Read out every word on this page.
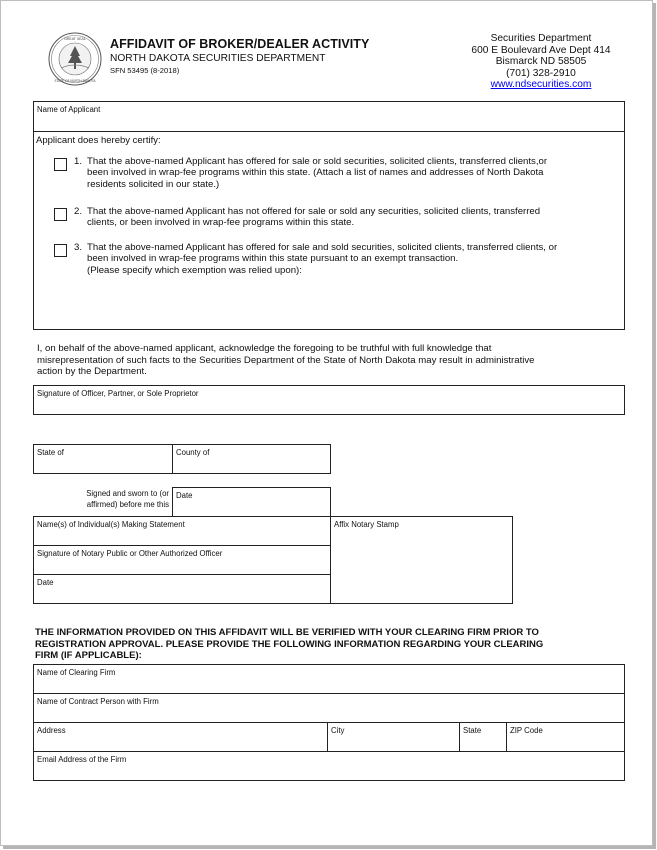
GREAT SEAL
STATE OF NORTH DAKOTA
AFFIDAVIT OF BROKER/DEALER ACTIVITY
NORTH DAKOTA SECURITIES DEPARTMENT
SFN 53495 (8-2018)
Securities Department
600 E Boulevard Ave Dept 414
Bismarck ND 58505
(701) 328-2910
www.ndsecurities.com
Name of Applicant
Applicant does hereby certify:
1. That the above-named Applicant has offered for sale or sold securities, solicited clients, transferred clients,or
been involved in wrap-fee programs within this state. (Attach a list of names and addresses of North Dakota
residents solicited in our state.)
2. That the above-named Applicant has not offered for sale or sold any securities, solicited clients, transferred
clients, or been involved in wrap-fee programs within this state.
3. That the above-named Applicant has offered for sale and sold securities, solicited clients, transferred clients, or
been involved in wrap-fee programs within this state pursuant to an exempt transaction.
(Please specify which exemption was relied upon):
I, on behalf of the above-named applicant, acknowledge the foregoing to be truthful with full knowledge that
misrepresentation of such facts to the Securities Department of the State of North Dakota may result in administrative
action by the Department.
Signature of Officer, Partner, or Sole Proprietor
State of	County of
Signed and sworn to (or
affirmed) before me this
Date
Name(s) of Individual(s) Making Statement
Signature of Notary Public or Other Authorized Officer
Date
Affix Notary Stamp
THE INFORMATION PROVIDED ON THIS AFFIDAVIT WILL BE VERIFIED WITH YOUR CLEARING FIRM PRIOR TO
REGISTRATION APPROVAL. PLEASE PROVIDE THE FOLLOWING INFORMATION REGARDING YOUR CLEARING
FIRM (IF APPLICABLE):
Name of Clearing Firm
Name of Contract Person with Firm
Address	City	State	ZIP Code
Email Address of the Firm
